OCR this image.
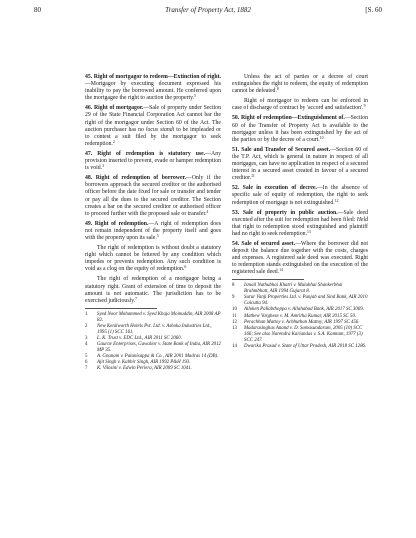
80	Transfer of Property Act, 1882	[S. 60

45. Right of mortgagor to redeem—Extinction of right.—Mortgagor by executing document expressed his inability to pay the borrowed amount. He conferred upon the mortgagee the right to auction the property.$^5$

46. Right of mortgagor.—Sale of property under Section 29 of the State Financial Corporation Act cannot bar the right of the mortgagor under Section 60 of the Act. The auction purchaser has no locus standi to be impleaded or to contest a suit filed by the mortgagor to seek redemption.$^2$

47. Right of redemption is statutory use.—Any provision inserted to prevent, evade or hamper redemption is void.$^3$

48. Right of redemption of borrower.—Only if the borrowers approach the secured creditor or the authorised officer before the date fixed for sale or transfer and tender or pay all the dues to the secured creditor. The Section creates a bar on the secured creditor or authorised officer to proceed further with the proposed sale or transfer.$^4$

49. Right of redemption.—A right of redemption does not remain independent of the property itself and goes with the property upon its sale.$^5$

The right of redemption is without doubt a statutory right which cannot be fettered by any condition which impedes or prevents redemption. Any such condition is void as a clog on the equity of redemption.$^6$

The right of redemption of a mortgagor being a statutory right. Grant of extension of time to deposit the amount is not automatic. The jurisdiction has to be exercised judiciously.$^7$

1	Syed Noor Mohammed v. Syed Khaja Moinuddin, AIR 2008 AP 82.
2	New Kenilworth Hotels Pvt. Ltd. v. Ashoka Industries Ltd., 1995 (1) SCC 161.
3	L. K. Trust v. EDC Ltd., AIR 2011 SC 2060.
4	Gaurav Enterprises, Gawalior v. State Bank of India, AIR 2012 MP 35.
5	A. Gnanam v. Palanisappa & Co., AIR 2001 Madras 14 (DB).
6	Ajit Singh v. Kabbir Singh, AIR 1992 P&H 193.
7	K. Vilosini v. Edwin Periera, AIR 2009 SC 1041.

Unless the act of parties or a decree of court extinguishes the right to redeem, the equity of redemption cannot be defeated.$^8$

Right of mortgagor to redeem can be enforced in case of discharge of contract by 'accord and satisfaction'.$^9$

50. Right of redemption—Extinguishment of.—Section 60 of the Transfer of Property Act is available to the mortgagor unless it has been extinguished by the act of the parties or by the decree of a court.$^{10}$

51. Sale and Transfer of Secured asset.—Section 60 of the T.P. Act, which is general in nature in respect of all mortgages, can have no application in respect of a secured interest in a secured asset created in favour of a secured creditor.$^{11}$

52. Sale in execution of decree.—In the absence of specific sale of equity of redemption, the right to seek redemption of mortgage is not extinguished.$^{12}$

53. Sale of property in public auction.—Sale deed executed after the suit for redemption had been filed: Held that right to redemption stood extinguished and plaintiff had no right to seek redemption.$^{13}$

54. Sale of secured asset.—Where the borrower did not deposit the balance due together with the costs, charges and expenses. A registered sale deed was executed. Right to redemption stands extinguished on the execution of the registered sale deed.$^{14}$

8	Ismail Nathubhai Khatri v. Mulubhai Shankerbhai Brahmbhatt, AIR 1994 Gujarat 8.
9	Surur Vanji Properties Ltd. v. Punjab and Sind Bank, AIR 2010 Calcutta 94.
10	Alloken Pallabthoppa v. Allahabad Bank, AIR 2017 SC 3069.
11	Mathew Varghese v. M. Amritha Kumar, AIR 2015 SC 50.
12	Perachhan Mattoy v. Achhuthan Mattoy, AIR 1997 SC 456.
13	Madarasinghas Anand v. D. Somasundaram, 2005 (10) SCC 166; See also Narendra Kariandas v. S.A. Kamtam, 1977 (3) SCC 247.
14	Dwarika Prasad v. State of Uttar Pradesh, AIR 2018 SC 1286.
